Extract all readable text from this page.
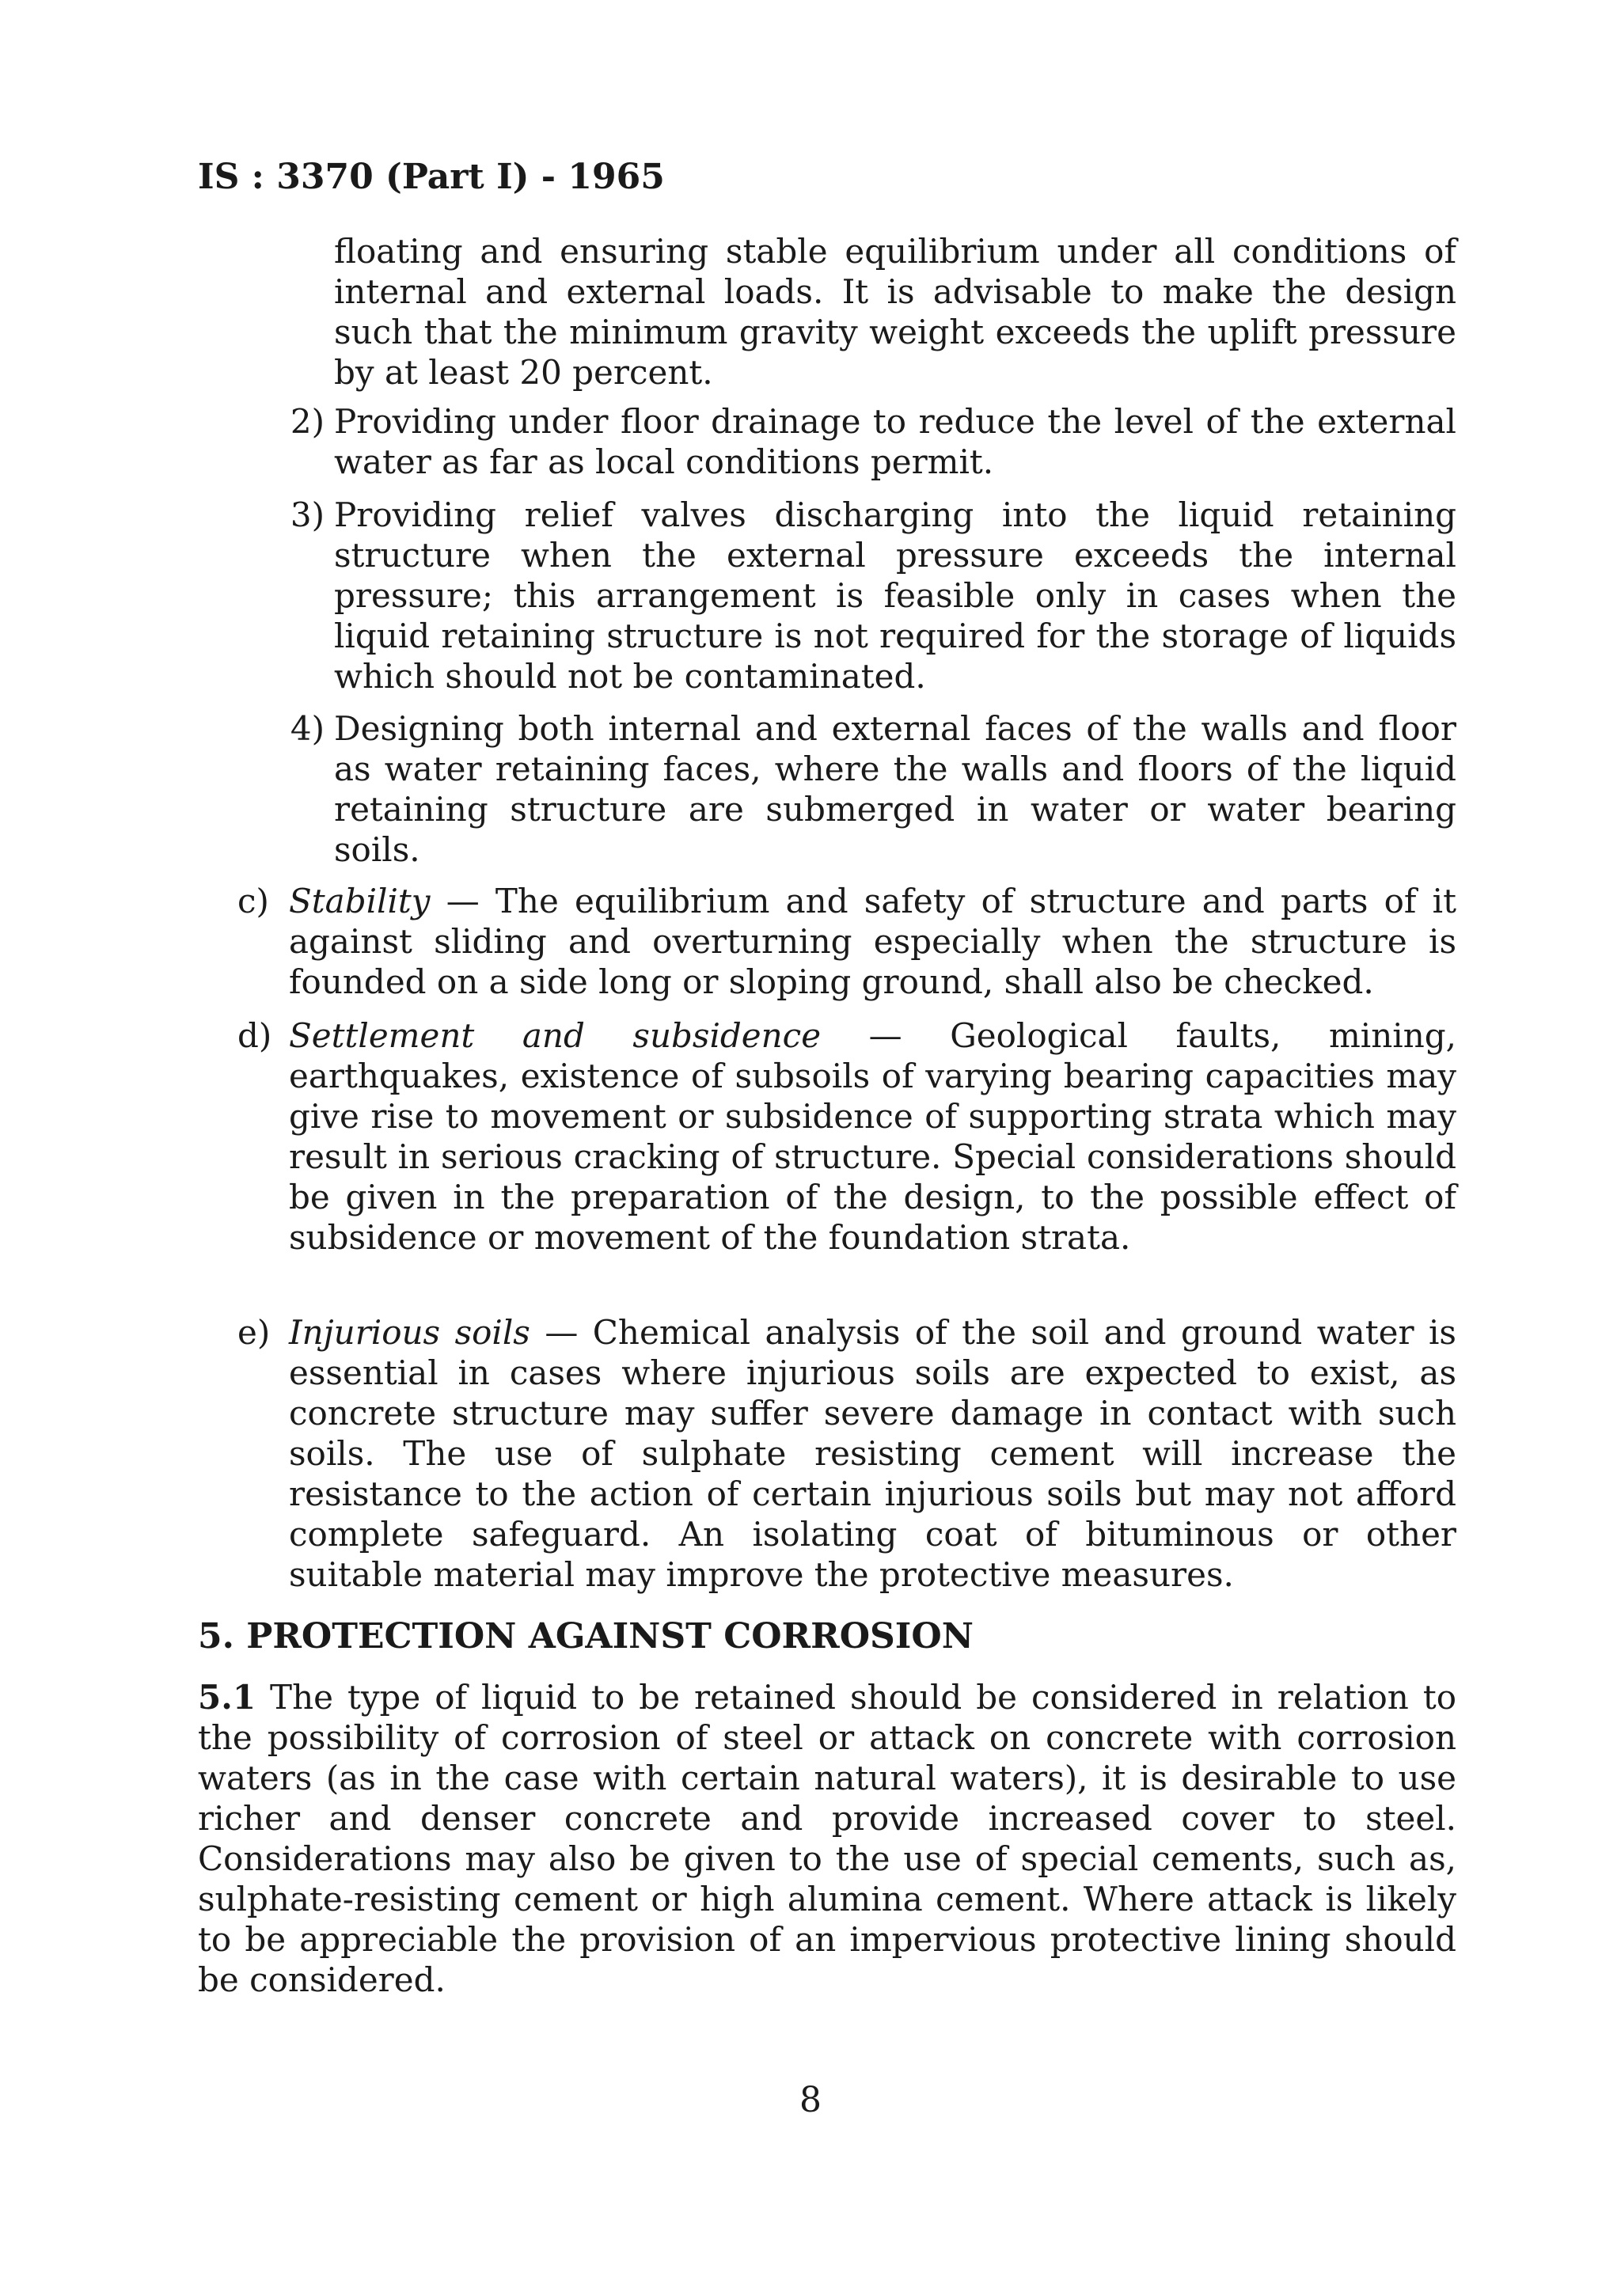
IS : 3370 (Part I) - 1965
floating and ensuring stable equilibrium under all conditions of internal and external loads. It is advisable to make the design such that the minimum gravity weight exceeds the uplift pressure by at least 20 percent.
2) Providing under floor drainage to reduce the level of the external water as far as local conditions permit.
3) Providing relief valves discharging into the liquid retaining structure when the external pressure exceeds the internal pressure; this arrangement is feasible only in cases when the liquid retaining structure is not required for the storage of liquids which should not be contaminated.
4) Designing both internal and external faces of the walls and floor as water retaining faces, where the walls and floors of the liquid retaining structure are submerged in water or water bearing soils.
c) Stability — The equilibrium and safety of structure and parts of it against sliding and overturning especially when the structure is founded on a side long or sloping ground, shall also be checked.
d) Settlement and subsidence — Geological faults, mining, earthquakes, existence of subsoils of varying bearing capacities may give rise to movement or subsidence of supporting strata which may result in serious cracking of structure. Special considerations should be given in the preparation of the design, to the possible effect of subsidence or movement of the foundation strata.
e) Injurious soils — Chemical analysis of the soil and ground water is essential in cases where injurious soils are expected to exist, as concrete structure may suffer severe damage in contact with such soils. The use of sulphate resisting cement will increase the resistance to the action of certain injurious soils but may not afford complete safeguard. An isolating coat of bituminous or other suitable material may improve the protective measures.
5. PROTECTION AGAINST CORROSION
5.1 The type of liquid to be retained should be considered in relation to the possibility of corrosion of steel or attack on concrete with corrosion waters (as in the case with certain natural waters), it is desirable to use richer and denser concrete and provide increased cover to steel. Considerations may also be given to the use of special cements, such as, sulphate-resisting cement or high alumina cement. Where attack is likely to be appreciable the provision of an impervious protective lining should be considered.
8
